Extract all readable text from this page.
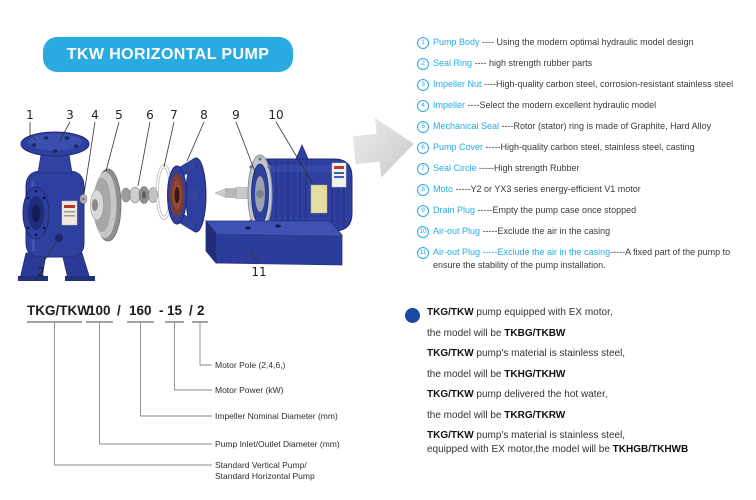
TKW HORIZONTAL PUMP
1	3 4 5 6 7 8 9 10
2	11
1 Pump Body ---- Using the modern optimal hydraulic model design
2 Seal Ring ---- high strength rubber parts
3 Impeller Nut ----High-quality carbon steel, corrosion-resistant stainless steel
4 Impeller ----Select the modern excellent hydraulic model
5 Mechanical Seal ----Rotor (stator) ring is made of Graphite, Hard Alloy
6 Pump Cover -----High-quality carbon steel, stainless steel, casting
7 Seal Circle -----High strength Rubber
8 Moto -----Y2 or YX3 series energy-efficient V1 motor
9 Drain Plug -----Empty the pump case once stopped
10 Air-out Plug -----Exclude the air in the casing
11 Air-out Plug -----Exclude the air in the casing-----A fixed part of the pump to ensure the stability of the pump installation.
TKG/TKW
100 / 160 - 15 / 2
Motor Pole (2,4,6,)
Motor Power (kW)
Impeller Nominal Diameter (mm)
Pump Inlet/Outlet Diameter (mm)
Standard Vertical Pump/
Standard Horizontal Pump

TKG/TKW pump equipped with EX motor,

the model will be TKBG/TKBW

TKG/TKW pump's material is stainless steel,

the model will be TKHG/TKHW

TKG/TKW pump delivered the hot water,

the model will be TKRG/TKRW

TKG/TKW pump's material is stainless steel,

equipped with EX motor,the model will be TKHGB/TKHWB
